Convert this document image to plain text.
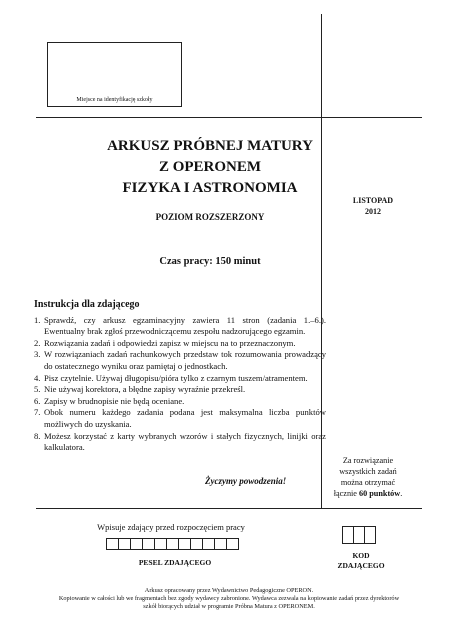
Miejsce na identyfikację szkoły
ARKUSZ PRÓBNEJ MATURY
Z OPERONEM
FIZYKA I ASTRONOMIA
POZIOM ROZSZERZONY
LISTOPAD
2012
Czas pracy: 150 minut
Instrukcja dla zdającego
1. Sprawdź, czy arkusz egzaminacyjny zawiera 11 stron (zadania 1.–6.). Ewentualny brak zgłoś przewodniczącemu zespołu nadzorującego egzamin.
2. Rozwiązania zadań i odpowiedzi zapisz w miejscu na to przeznaczonym.
3. W rozwiązaniach zadań rachunkowych przedstaw tok rozumowania prowadzący do ostatecznego wyniku oraz pamiętaj o jednostkach.
4. Pisz czytelnie. Używaj długopisu/pióra tylko z czarnym tuszem/atramentem.
5. Nie używaj korektora, a błędne zapisy wyraźnie przekreśl.
6. Zapisy w brudnopisie nie będą oceniane.
7. Obok numeru każdego zadania podana jest maksymalna liczba punktów możliwych do uzyskania.
8. Możesz korzystać z karty wybranych wzorów i stałych fizycznych, linijki oraz kalkulatora.
Za rozwiązanie
wszystkich zadań
można otrzymać
łącznie 60 punktów.
Życzymy powodzenia!
Wpisuje zdający przed rozpoczęciem pracy
PESEL ZDAJĄCEGO
KOD
ZDAJĄCEGO
Arkusz opracowany przez Wydawnictwo Pedagogiczne OPERON.
Kopiowanie w całości lub we fragmentach bez zgody wydawcy zabronione. Wydawca zezwala na kopiowanie zadań przez dyrektorów
szkół biorących udział w programie Próbna Matura z OPERONEM.
